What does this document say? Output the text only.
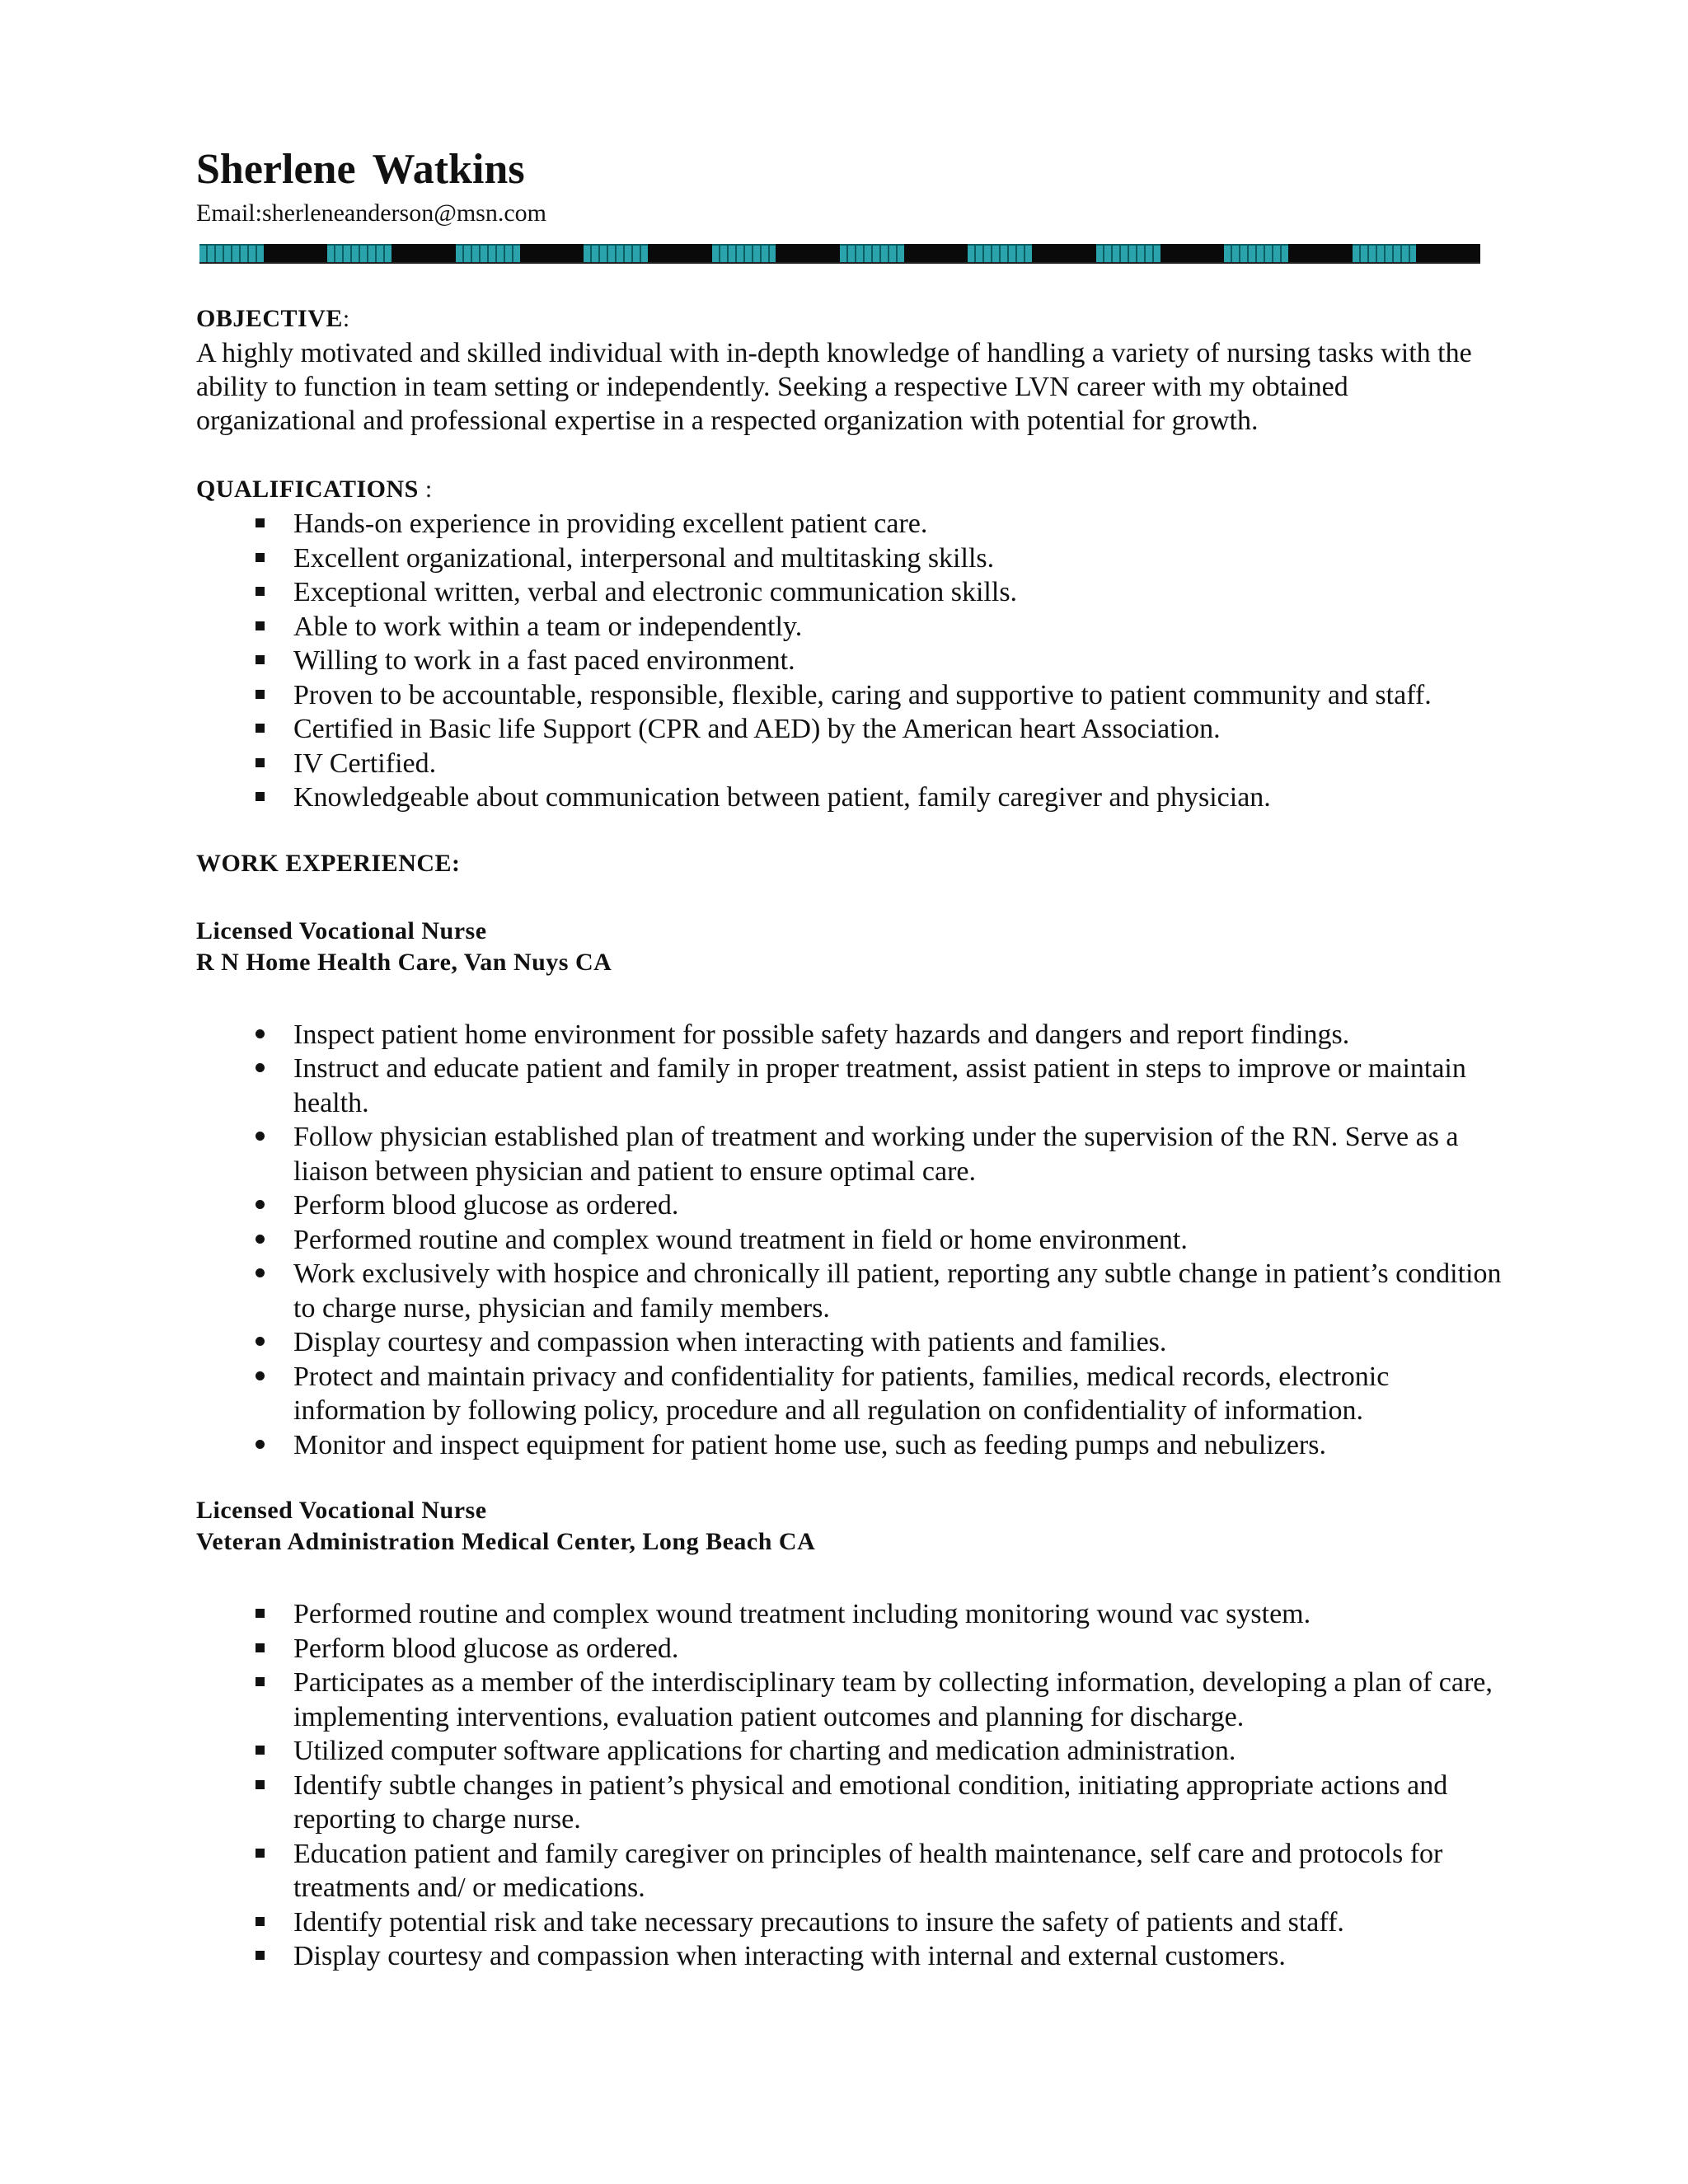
Sherlene Watkins
Email:sherleneanderson@msn.com
OBJECTIVE:

A highly motivated and skilled individual with in-depth knowledge of handling a variety of nursing tasks with the ability to function in team setting or independently. Seeking a respective LVN career with my obtained organizational and professional expertise in a respected organization with potential for growth.

QUALIFICATIONS :
Hands-on experience in providing excellent patient care.
Excellent organizational, interpersonal and multitasking skills.
Exceptional written, verbal and electronic communication skills.
Able to work within a team or independently.
Willing to work in a fast paced environment.
Proven to be accountable, responsible, flexible, caring and supportive to patient community and staff.
Certified in Basic life Support (CPR and AED) by the American heart Association.
IV Certified.
Knowledgeable about communication between patient, family caregiver and physician.
WORK EXPERIENCE:
Licensed Vocational Nurse
R N Home Health Care, Van Nuys CA
Inspect patient home environment for possible safety hazards and dangers and report findings.
Instruct and educate patient and family in proper treatment, assist patient in steps to improve or maintain health.
Follow physician established plan of treatment and working under the supervision of the RN. Serve as a liaison between physician and patient to ensure optimal care.
Perform blood glucose as ordered.
Performed routine and complex wound treatment in field or home environment.
Work exclusively with hospice and chronically ill patient, reporting any subtle change in patient’s condition to charge nurse, physician and family members.
Display courtesy and compassion when interacting with patients and families.
Protect and maintain privacy and confidentiality for patients, families, medical records, electronic information by following policy, procedure and all regulation on confidentiality of information.
Monitor and inspect equipment for patient home use, such as feeding pumps and nebulizers.
Licensed Vocational Nurse
Veteran Administration Medical Center, Long Beach CA
Performed routine and complex wound treatment including monitoring wound vac system.
Perform blood glucose as ordered.
Participates as a member of the interdisciplinary team by collecting information, developing a plan of care, implementing interventions, evaluation patient outcomes and planning for discharge.
Utilized computer software applications for charting and medication administration.
Identify subtle changes in patient’s physical and emotional condition, initiating appropriate actions and reporting to charge nurse.
Education patient and family caregiver on principles of health maintenance, self care and protocols for treatments and/ or medications.
Identify potential risk and take necessary precautions to insure the safety of patients and staff.
Display courtesy and compassion when interacting with internal and external customers.
